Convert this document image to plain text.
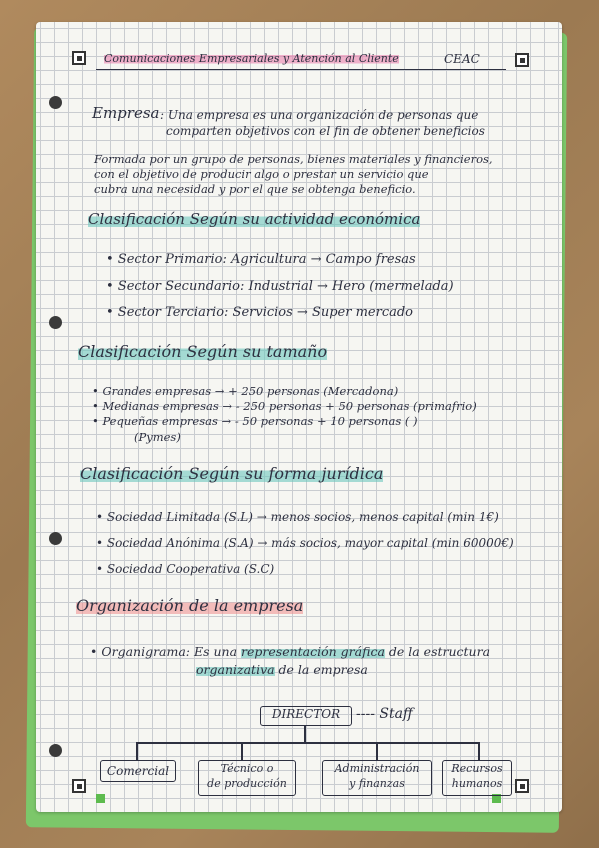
Comunicaciones Empresariales y Atención al Cliente	CEAC
Empresa : Una empresa es una organización de personas que
comparten objetivos con el fin de obtener beneficios
Formada por un grupo de personas, bienes materiales y financieros,
con el objetivo de producir algo o prestar un servicio que
cubra una necesidad y por el que se obtenga beneficio.
Clasificación Según su actividad económica
• Sector Primario: Agricultura → Campo fresas
• Sector Secundario: Industrial → Hero (mermelada)
• Sector Terciario: Servicios → Super mercado
Clasificación Según su tamaño
• Grandes empresas → + 250 personas (Mercadona)
• Medianas empresas → - 250 personas + 50 personas (primafrio)
• Pequeñas empresas → - 50 personas + 10 personas ( )
(Pymes)
Clasificación Según su forma jurídica
• Sociedad Limitada (S.L) → menos socios, menos capital (min 1€)
• Sociedad Anónima (S.A) → más socios, mayor capital (min 60000€)
• Sociedad Cooperativa (S.C)
Organización de la empresa
• Organigrama: Es una representación gráfica de la estructura
organizativa de la empresa
DIRECTOR	---- Staff
Comercial	Técnico o
de producción
Administración
y finanzas
Recursos
humanos
